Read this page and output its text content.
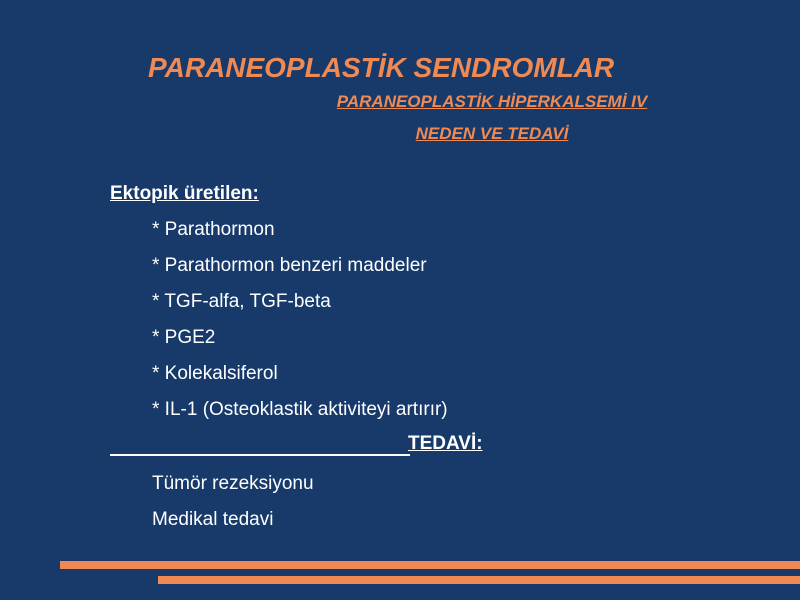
PARANEOPLASTİK SENDROMLAR
PARANEOPLASTİK HİPERKALSEMİ IV
NEDEN VE TEDAVİ
Ektopik üretilen:
* Parathormon
* Parathormon benzeri maddeler
* TGF-alfa, TGF-beta
* PGE2
* Kolekalsiferol
* IL-1 (Osteoklastik aktiviteyi artırır)
TEDAVİ:
Tümör rezeksiyonu
Medikal tedavi
